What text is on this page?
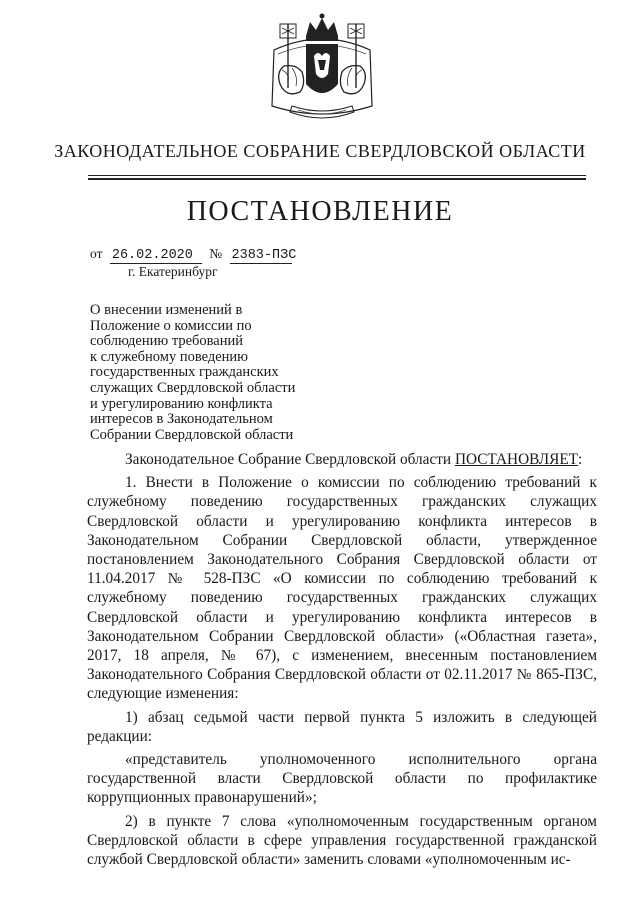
ЗАКОНОДАТЕЛЬНОЕ СОБРАНИЕ СВЕРДЛОВСКОЙ ОБЛАСТИ
ПОСТАНОВЛЕНИЕ
от 26.02.2020 № 2383-ПЗС
г. Екатеринбург
О внесении изменений в
Положение о комиссии по
соблюдению требований
к служебному поведению
государственных гражданских
служащих Свердловской области
и урегулированию конфликта
интересов в Законодательном
Собрании Свердловской области

Законодательное Собрание Свердловской области ПОСТАНОВЛЯЕТ:

1. Внести в Положение о комиссии по соблюдению требований к служебному поведению государственных гражданских служащих Свердловской области и урегулированию конфликта интересов в Законодательном Собрании Свердловской области, утвержденное постановлением Законодательного Собрания Свердловской области от 11.04.2017 № 528-ПЗС «О комиссии по соблюдению требований к служебному поведению государственных гражданских служащих Свердловской области и урегулированию конфликта интересов в Законодательном Собрании Свердловской области» («Областная газета», 2017, 18 апреля, № 67), с изменением, внесенным постановлением Законодательного Собрания Свердловской области от 02.11.2017 № 865-ПЗС, следующие изменения:

1) абзац седьмой части первой пункта 5 изложить в следующей редакции:

«представитель уполномоченного исполнительного органа государственной власти Свердловской области по профилактике коррупционных правонарушений»;

2) в пункте 7 слова «уполномоченным государственным органом Свердловской области в сфере управления государственной гражданской службой Свердловской области» заменить словами «уполномоченным ис-
